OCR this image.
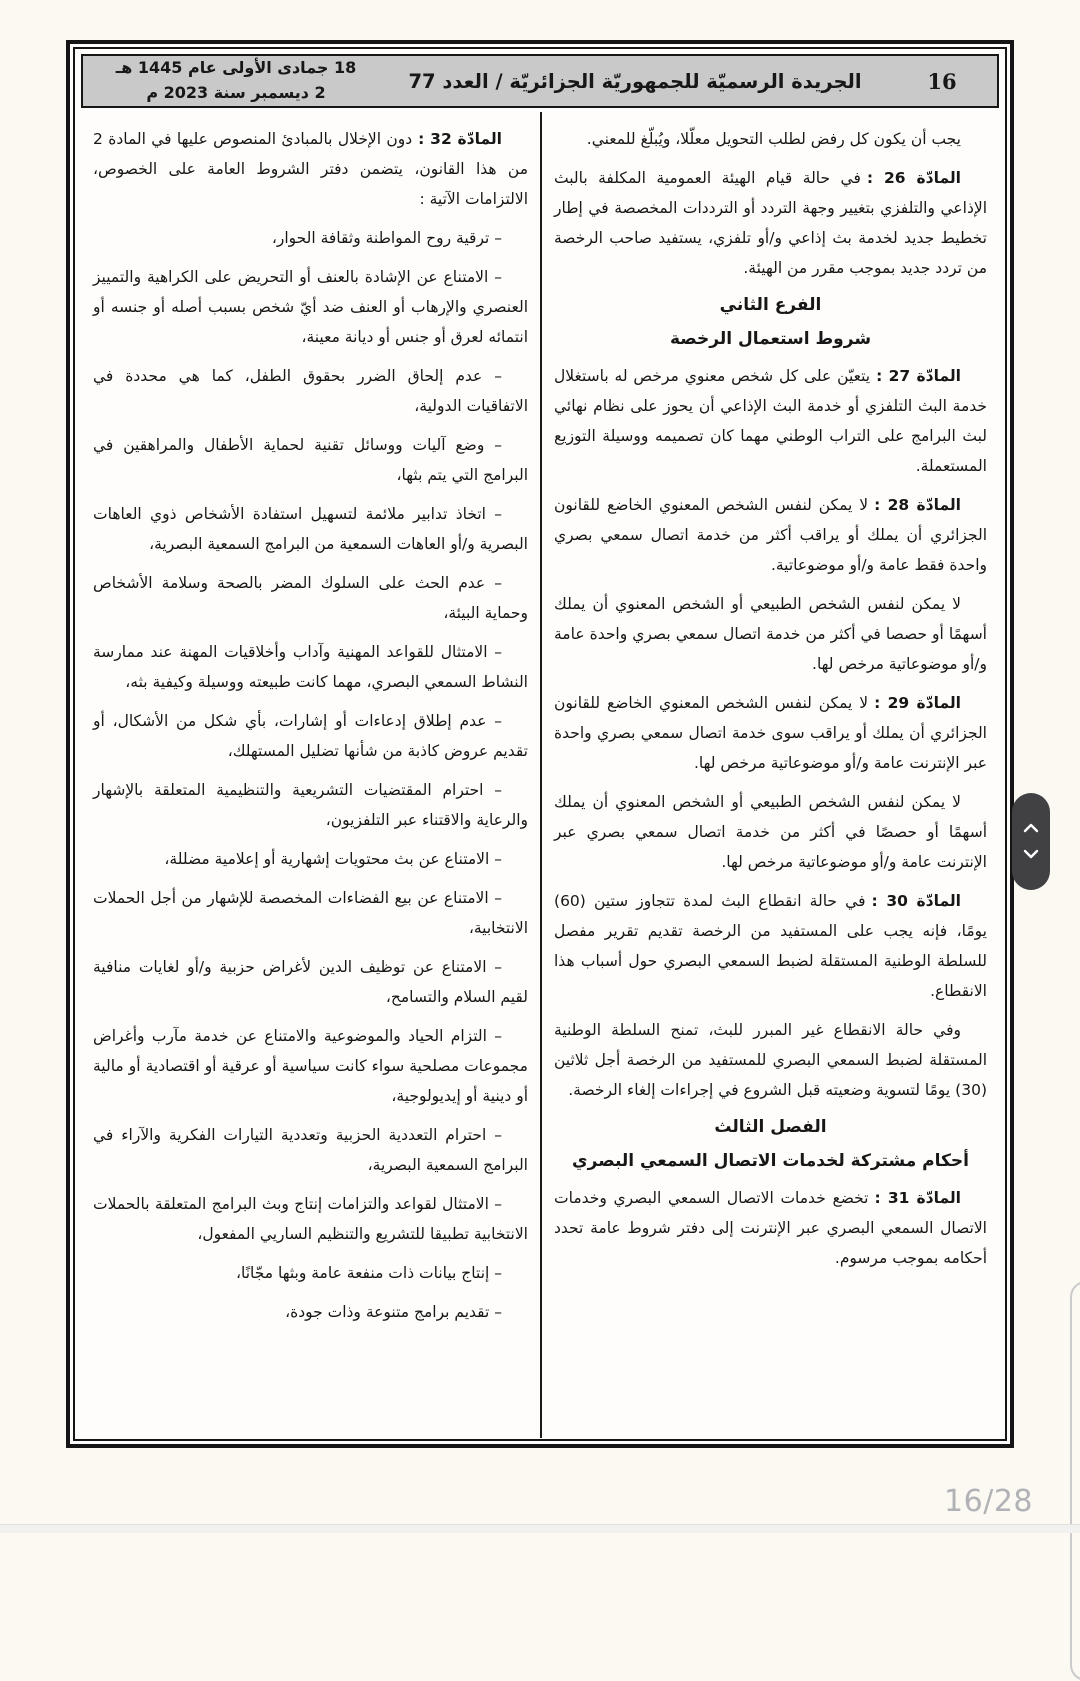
16
الجريدة الرسميّة للجمهوريّة الجزائريّة / العدد 77
18 جمادى الأولى عام 1445 هـ
2 ديسمبر سنة 2023 م

يجب أن يكون كل رفض لطلب التحويل معلّلا، ويُبلّغ للمعني.

المادّة 26 :في حالة قيام الهيئة العمومية المكلفة بالبث الإذاعي والتلفزي بتغيير وجهة التردد أو الترددات المخصصة في إطار تخطيط جديد لخدمة بث إذاعي و/أو تلفزي، يستفيد صاحب الرخصة من تردد جديد بموجب مقرر من الهيئة.

الفرع الثاني
شروط استعمال الرخصة

المادّة 27 :يتعيّن على كل شخص معنوي مرخص له باستغلال خدمة البث التلفزي أو خدمة البث الإذاعي أن يحوز على نظام نهائي لبث البرامج على التراب الوطني مهما كان تصميمه ووسيلة التوزيع المستعملة.

المادّة 28 :لا يمكن لنفس الشخص المعنوي الخاضع للقانون الجزائري أن يملك أو يراقب أكثر من خدمة اتصال سمعي بصري واحدة فقط عامة و/أو موضوعاتية.

لا يمكن لنفس الشخص الطبيعي أو الشخص المعنوي أن يملك أسهمًا أو حصصا في أكثر من خدمة اتصال سمعي بصري واحدة عامة و/أو موضوعاتية مرخص لها.

المادّة 29 :لا يمكن لنفس الشخص المعنوي الخاضع للقانون الجزائري أن يملك أو يراقب سوى خدمة اتصال سمعي بصري واحدة عبر الإنترنت عامة و/أو موضوعاتية مرخص لها.

لا يمكن لنفس الشخص الطبيعي أو الشخص المعنوي أن يملك أسهمًا أو حصصًا في أكثر من خدمة اتصال سمعي بصري عبر الإنترنت عامة و/أو موضوعاتية مرخص لها.

المادّة 30 :في حالة انقطاع البث لمدة تتجاوز ستين (60) يومًا، فإنه يجب على المستفيد من الرخصة تقديم تقرير مفصل للسلطة الوطنية المستقلة لضبط السمعي البصري حول أسباب هذا الانقطاع.

وفي حالة الانقطاع غير المبرر للبث، تمنح السلطة الوطنية المستقلة لضبط السمعي البصري للمستفيد من الرخصة أجل ثلاثين (30) يومًا لتسوية وضعيته قبل الشروع في إجراءات إلغاء الرخصة.

الفصل الثالث
أحكام مشتركة لخدمات الاتصال السمعي البصري

المادّة 31 :تخضع خدمات الاتصال السمعي البصري وخدمات الاتصال السمعي البصري عبر الإنترنت إلى دفتر شروط عامة تحدد أحكامه بموجب مرسوم.

المادّة 32 :دون الإخلال بالمبادئ المنصوص عليها في المادة 2 من هذا القانون، يتضمن دفتر الشروط العامة على الخصوص، الالتزامات الآتية :

– ترقية روح المواطنة وثقافة الحوار،

– الامتناع عن الإشادة بالعنف أو التحريض على الكراهية والتمييز العنصري والإرهاب أو العنف ضد أيّ شخص بسبب أصله أو جنسه أو انتمائه لعرق أو جنس أو ديانة معينة،

– عدم إلحاق الضرر بحقوق الطفل، كما هي محددة في الاتفاقيات الدولية،

– وضع آليات ووسائل تقنية لحماية الأطفال والمراهقين في البرامج التي يتم بثها،

– اتخاذ تدابير ملائمة لتسهيل استفادة الأشخاص ذوي العاهات البصرية و/أو العاهات السمعية من البرامج السمعية البصرية،

– عدم الحث على السلوك المضر بالصحة وسلامة الأشخاص وحماية البيئة،

– الامتثال للقواعد المهنية وآداب وأخلاقيات المهنة عند ممارسة النشاط السمعي البصري، مهما كانت طبيعته ووسيلة وكيفية بثه،

– عدم إطلاق إدعاءات أو إشارات، بأي شكل من الأشكال، أو تقديم عروض كاذبة من شأنها تضليل المستهلك،

– احترام المقتضيات التشريعية والتنظيمية المتعلقة بالإشهار والرعاية والاقتناء عبر التلفزيون،

– الامتناع عن بث محتويات إشهارية أو إعلامية مضللة،

– الامتناع عن بيع الفضاءات المخصصة للإشهار من أجل الحملات الانتخابية،

– الامتناع عن توظيف الدين لأغراض حزبية و/أو لغايات منافية لقيم السلام والتسامح،

– التزام الحياد والموضوعية والامتناع عن خدمة مآرب وأغراض مجموعات مصلحية سواء كانت سياسية أو عرقية أو اقتصادية أو مالية أو دينية أو إيديولوجية،

– احترام التعددية الحزبية وتعددية التيارات الفكرية والآراء في البرامج السمعية البصرية،

– الامتثال لقواعد والتزامات إنتاج وبث البرامج المتعلقة بالحملات الانتخابية تطبيقا للتشريع والتنظيم الساريي المفعول،

– إنتاج بيانات ذات منفعة عامة وبثها مجّانًا،

– تقديم برامج متنوعة وذات جودة،

16/28
